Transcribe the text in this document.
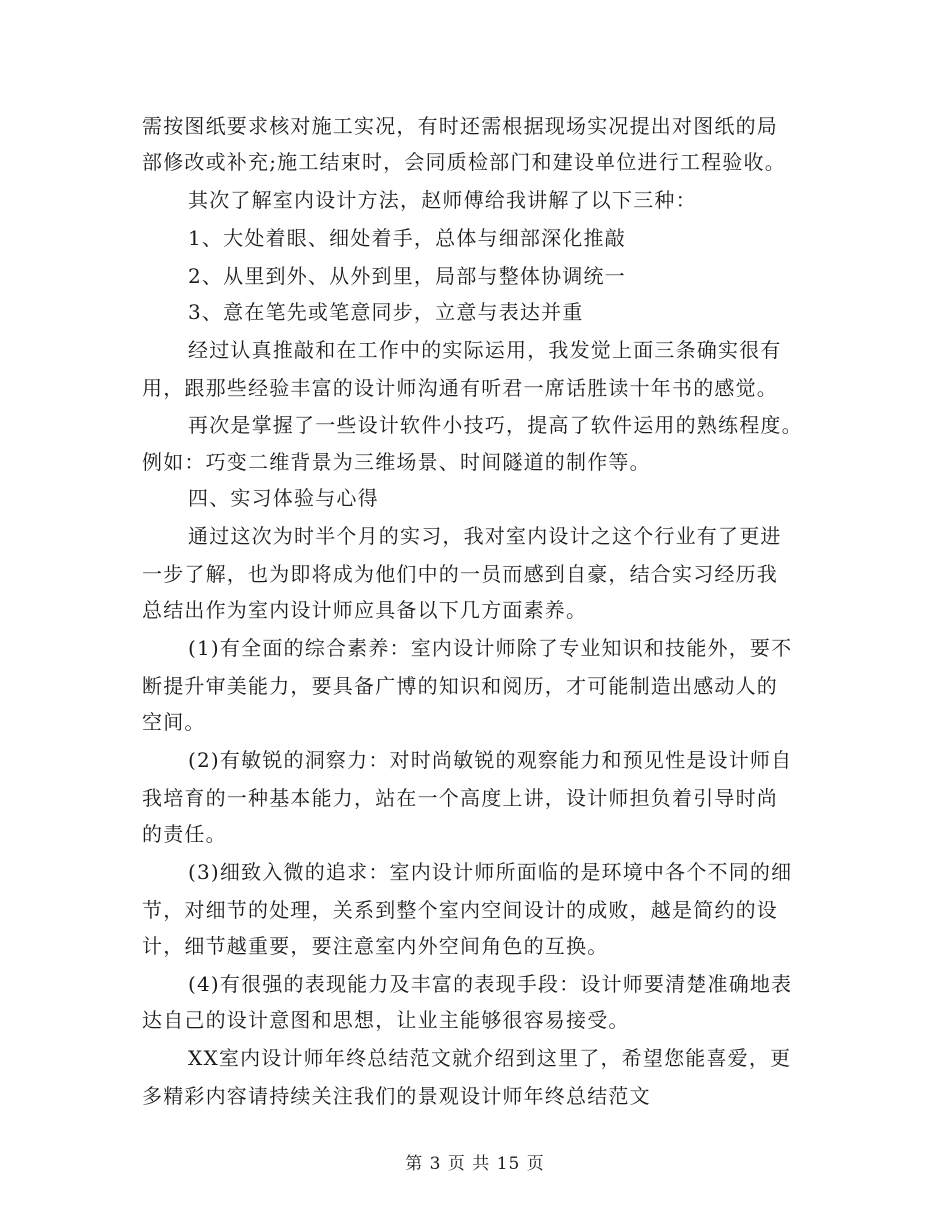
需按图纸要求核对施工实况，有时还需根据现场实况提出对图纸的局
部修改或补充;施工结束时，会同质检部门和建设单位进行工程验收。
其次了解室内设计方法，赵师傅给我讲解了以下三种：
1、大处着眼、细处着手，总体与细部深化推敲
2、从里到外、从外到里，局部与整体协调统一
3、意在笔先或笔意同步，立意与表达并重
经过认真推敲和在工作中的实际运用，我发觉上面三条确实很有
用，跟那些经验丰富的设计师沟通有听君一席话胜读十年书的感觉。
再次是掌握了一些设计软件小技巧，提高了软件运用的熟练程度。
例如：巧变二维背景为三维场景、时间隧道的制作等。
四、实习体验与心得
通过这次为时半个月的实习，我对室内设计之这个行业有了更进
一步了解，也为即将成为他们中的一员而感到自豪，结合实习经历我
总结出作为室内设计师应具备以下几方面素养。
(1)有全面的综合素养：室内设计师除了专业知识和技能外，要不
断提升审美能力，要具备广博的知识和阅历，才可能制造出感动人的
空间。
(2)有敏锐的洞察力：对时尚敏锐的观察能力和预见性是设计师自
我培育的一种基本能力，站在一个高度上讲，设计师担负着引导时尚
的责任。
(3)细致入微的追求：室内设计师所面临的是环境中各个不同的细
节，对细节的处理，关系到整个室内空间设计的成败，越是简约的设
计，细节越重要，要注意室内外空间角色的互换。
(4)有很强的表现能力及丰富的表现手段：设计师要清楚准确地表
达自己的设计意图和思想，让业主能够很容易接受。
XX室内设计师年终总结范文就介绍到这里了，希望您能喜爱，更
多精彩内容请持续关注我们的景观设计师年终总结范文
第 3 页 共 15 页
